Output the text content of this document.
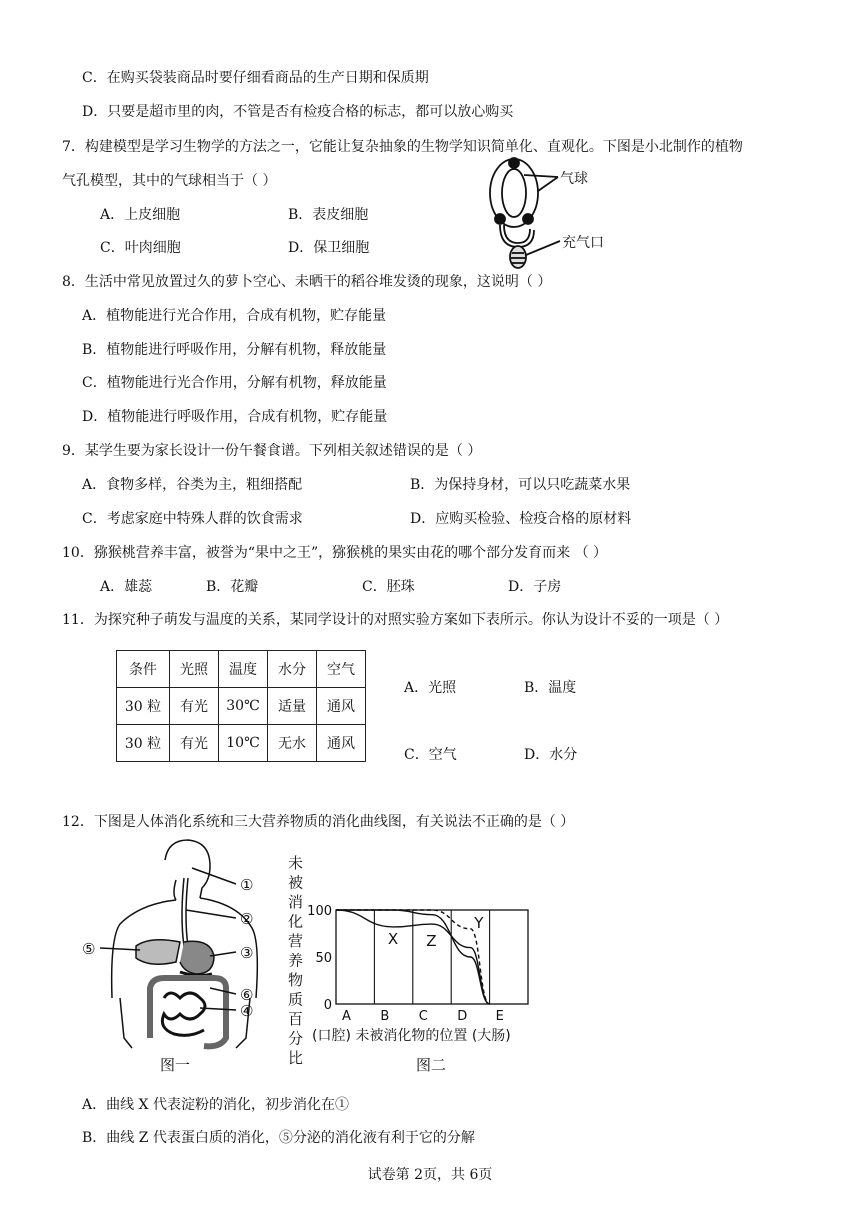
C．在购买袋装商品时要仔细看商品的生产日期和保质期
D．只要是超市里的肉，不管是否有检疫合格的标志，都可以放心购买
7．构建模型是学习生物学的方法之一，它能让复杂抽象的生物学知识简单化、直观化。下图是小北制作的植物
气孔模型，其中的气球相当于（ ）
A．上皮细胞	B．表皮细胞
C．叶肉细胞	D．保卫细胞
气球
充气口
8．生活中常见放置过久的萝卜空心、未晒干的稻谷堆发烫的现象，这说明（ ）
A．植物能进行光合作用，合成有机物，贮存能量
B．植物能进行呼吸作用，分解有机物，释放能量
C．植物能进行光合作用，分解有机物，释放能量
D．植物能进行呼吸作用，合成有机物，贮存能量
9．某学生要为家长设计一份午餐食谱。下列相关叙述错误的是（ ）
A．食物多样，谷类为主，粗细搭配	B．为保持身材，可以只吃蔬菜水果
C．考虑家庭中特殊人群的饮食需求	D．应购买检验、检疫合格的原材料
10．猕猴桃营养丰富，被誉为“果中之王”，猕猴桃的果实由花的哪个部分发育而来 （ ）
A．雄蕊	B．花瓣	C．胚珠	D．子房
11．为探究种子萌发与温度的关系，某同学设计的对照实验方案如下表所示。你认为设计不妥的一项是（ ）
条件	光照	温度	水分	空气
30 粒	有光	30℃	适量	通风
30 粒	有光	10℃	无水	通风
A．光照	B．温度
C．空气	D．水分
12．下图是人体消化系统和三大营养物质的消化曲线图，有关说法不正确的是（ ）
①
②
③
④
⑤
⑥
图一
未
被
消
化
营
养
物
质
百
分
比
100
50
0
A B C D E
(口腔) 未被消化物的位置 (大肠)
X Z
Y
图二
A．曲线 X 代表淀粉的消化，初步消化在①
B．曲线 Z 代表蛋白质的消化，⑤分泌的消化液有利于它的分解
试卷第 2页，共 6页
